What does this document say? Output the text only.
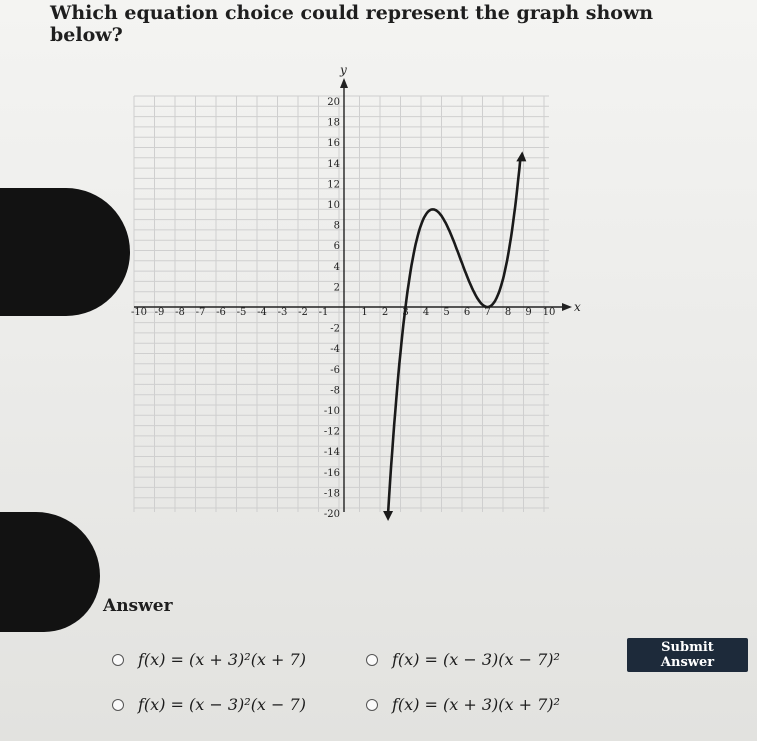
Which equation choice could represent the graph shown below?
-10 -9 -8 -7 -6 -5 -4 -3 -2 -1	1 2 3 4 5 6 7 8 9 10
20
18
16
14
12
10
8
6
4
2
-2
-4
-6
-8
-10
-12
-14
-16
-18
-20
x
y
Answer
f(x) = (x + 3)²(x + 7)	f(x) = (x − 3)(x − 7)²
f(x) = (x − 3)²(x − 7)	f(x) = (x + 3)(x + 7)²
Submit Answer
